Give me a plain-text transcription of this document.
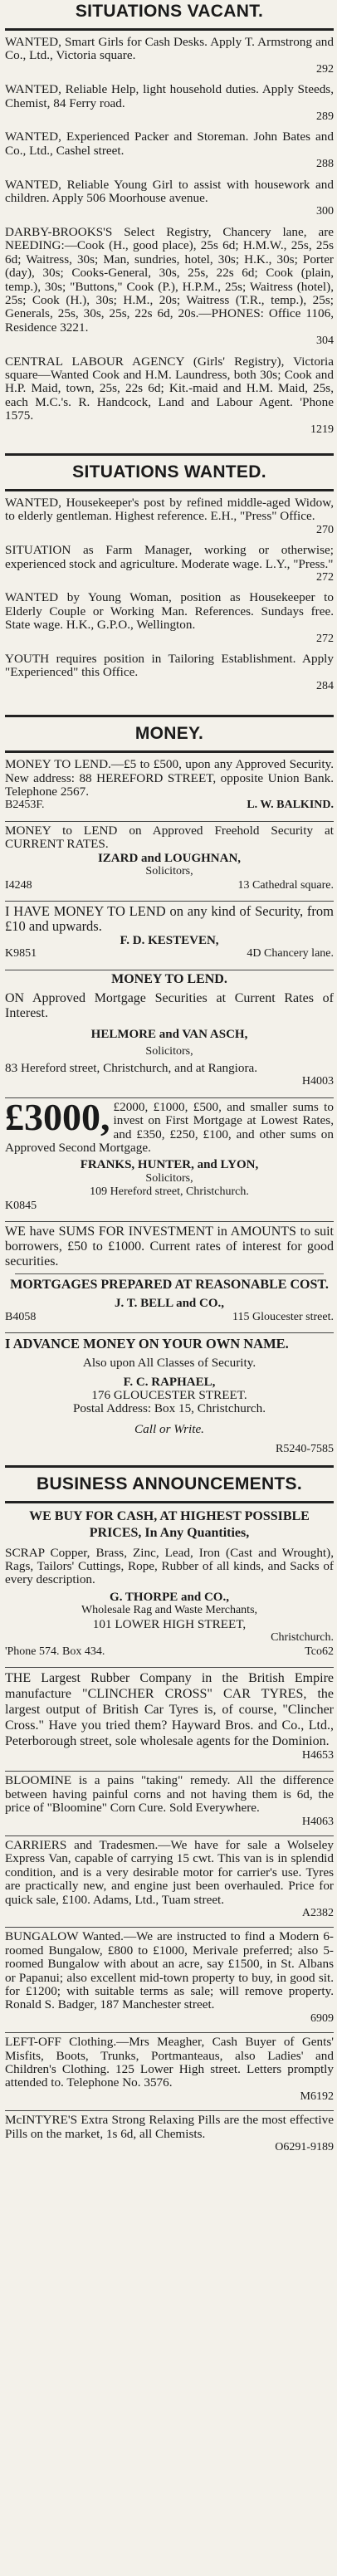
SITUATIONS VACANT.

WANTED, Smart Girls for Cash Desks. Apply T. Armstrong and Co., Ltd., Victoria square.

292

WANTED, Reliable Help, light household duties. Apply Steeds, Chemist, 84 Ferry road.

289

WANTED, Experienced Packer and Storeman. John Bates and Co., Ltd., Cashel street.

288

WANTED, Reliable Young Girl to assist with housework and children. Apply 506 Moorhouse avenue.

300

DARBY-BROOKS'S Select Registry, Chancery lane, are NEEDING:—Cook (H., good place), 25s 6d; H.M.W., 25s, 25s 6d; Waitress, 30s; Man, sundries, hotel, 30s; H.K., 30s; Porter (day), 30s; Cooks-General, 30s, 25s, 22s 6d; Cook (plain, temp.), 30s; "Buttons," Cook (P.), H.P.M., 25s; Waitress (hotel), 25s; Cook (H.), 30s; H.M., 20s; Waitress (T.R., temp.), 25s; Generals, 25s, 30s, 25s, 22s 6d, 20s.—PHONES: Office 1106, Residence 3221.

304

CENTRAL LABOUR AGENCY (Girls' Registry), Victoria square—Wanted Cook and H.M. Laundress, both 30s; Cook and H.P. Maid, town, 25s, 22s 6d; Kit.-maid and H.M. Maid, 25s, each M.C.'s. R. Handcock, Land and Labour Agent. 'Phone 1575.

1219
SITUATIONS WANTED.

WANTED, Housekeeper's post by refined middle-aged Widow, to elderly gentleman. Highest reference. E.H., "Press" Office.

270

SITUATION as Farm Manager, working or otherwise; experienced stock and agriculture. Moderate wage. L.Y., "Press."

272

WANTED by Young Woman, position as Housekeeper to Elderly Couple or Working Man. References. Sundays free. State wage. H.K., G.P.O., Wellington.

272

YOUTH requires position in Tailoring Establishment. Apply "Experienced" this Office.

284
MONEY.

MONEY TO LEND.—£5 to £500, upon any Approved Security. New address: 88 HEREFORD STREET, opposite Union Bank. Telephone 2567.

B2453F.	L. W. BALKIND.

MONEY to LEND on Approved Freehold Security at CURRENT RATES.

IZARD and LOUGHNAN,
Solicitors,
I4248	13 Cathedral square.

I HAVE MONEY TO LEND on any kind of Security, from £10 and upwards.

F. D. KESTEVEN,
K9851	4D Chancery lane.
MONEY TO LEND.

ON Approved Mortgage Securities at Current Rates of Interest.

HELMORE and VAN ASCH,
Solicitors,

83 Hereford street, Christchurch, and at Rangiora.

H4003

£3000, £2000, £1000, £500, and smaller sums to invest on First Mortgage at Lowest Rates, and £350, £250, £100, and other sums on Approved Second Mortgage.

FRANKS, HUNTER, and LYON,
Solicitors,
109 Hereford street, Christchurch.
K0845

WE have SUMS FOR INVESTMENT in AMOUNTS to suit borrowers, £50 to £1000. Current rates of interest for good securities.

MORTGAGES PREPARED AT REASONABLE COST.
J. T. BELL and CO.,
B4058	115 Gloucester street.

I ADVANCE MONEY ON YOUR OWN NAME.

Also upon All Classes of Security.
F. C. RAPHAEL,
176 GLOUCESTER STREET.
Postal Address: Box 15, Christchurch.
Call or Write.
R5240-7585
BUSINESS ANNOUNCEMENTS.
WE BUY FOR CASH, AT HIGHEST POSSIBLE PRICES, In Any Quantities,

SCRAP Copper, Brass, Zinc, Lead, Iron (Cast and Wrought), Rags, Tailors' Cuttings, Rope, Rubber of all kinds, and Sacks of every description.

G. THORPE and CO.,
Wholesale Rag and Waste Merchants,
101 LOWER HIGH STREET,
Christchurch.
'Phone 574. Box 434.	Tco62

THE Largest Rubber Company in the British Empire manufacture "CLINCHER CROSS" CAR TYRES, the largest output of British Car Tyres is, of course, "Clincher Cross." Have you tried them? Hayward Bros. and Co., Ltd., Peterborough street, sole wholesale agents for the Dominion.

H4653

BLOOMINE is a pains "taking" remedy. All the difference between having painful corns and not having them is 6d, the price of "Bloomine" Corn Cure. Sold Everywhere.

H4063

CARRIERS and Tradesmen.—We have for sale a Wolseley Express Van, capable of carrying 15 cwt. This van is in splendid condition, and is a very desirable motor for carrier's use. Tyres are practically new, and engine just been overhauled. Price for quick sale, £100. Adams, Ltd., Tuam street.

A2382

BUNGALOW Wanted.—We are instructed to find a Modern 6-roomed Bungalow, £800 to £1000, Merivale preferred; also 5-roomed Bungalow with about an acre, say £1500, in St. Albans or Papanui; also excellent mid-town property to buy, in good sit. for £1200; with suitable terms as sale; will remove property. Ronald S. Badger, 187 Manchester street.

6909

LEFT-OFF Clothing.—Mrs Meagher, Cash Buyer of Gents' Misfits, Boots, Trunks, Portmanteaus, also Ladies' and Children's Clothing. 125 Lower High street. Letters promptly attended to. Telephone No. 3576.

M6192

McINTYRE'S Extra Strong Relaxing Pills are the most effective Pills on the market, 1s 6d, all Chemists.

O6291-9189
